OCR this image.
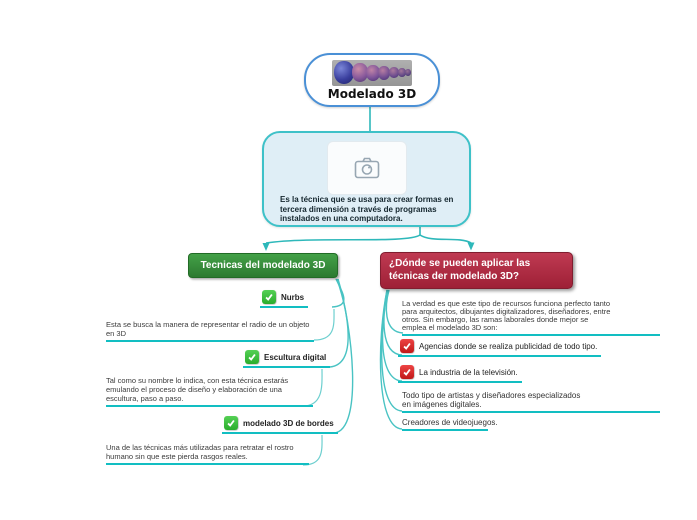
Modelado 3D
Es la técnica que se usa para crear formas en tercera dimensión a través de programas instalados en una computadora.
Tecnicas del modelado 3D	¿Dónde se pueden aplicar las técnicas der modelado 3D?
Nurbs
Esta se busca la manera de representar el radio de un objeto en 3D
Escultura digital
Tal como su nombre lo indica, con esta técnica estarás emulando el proceso de diseño y elaboración de una escultura, paso a paso.
modelado 3D de bordes
Una de las técnicas más utilizadas para retratar el rostro humano sin que este pierda rasgos reales.
La verdad es que este tipo de recursos funciona perfecto tanto para arquitectos, dibujantes digitalizadores, diseñadores, entre otros. Sin embargo, las ramas laborales donde mejor se emplea el modelado 3D son:
Agencias donde se realiza publicidad de todo tipo.
La industria de la televisión.
Todo tipo de artistas y diseñadores especializados en imágenes digitales.
Creadores de videojuegos.
